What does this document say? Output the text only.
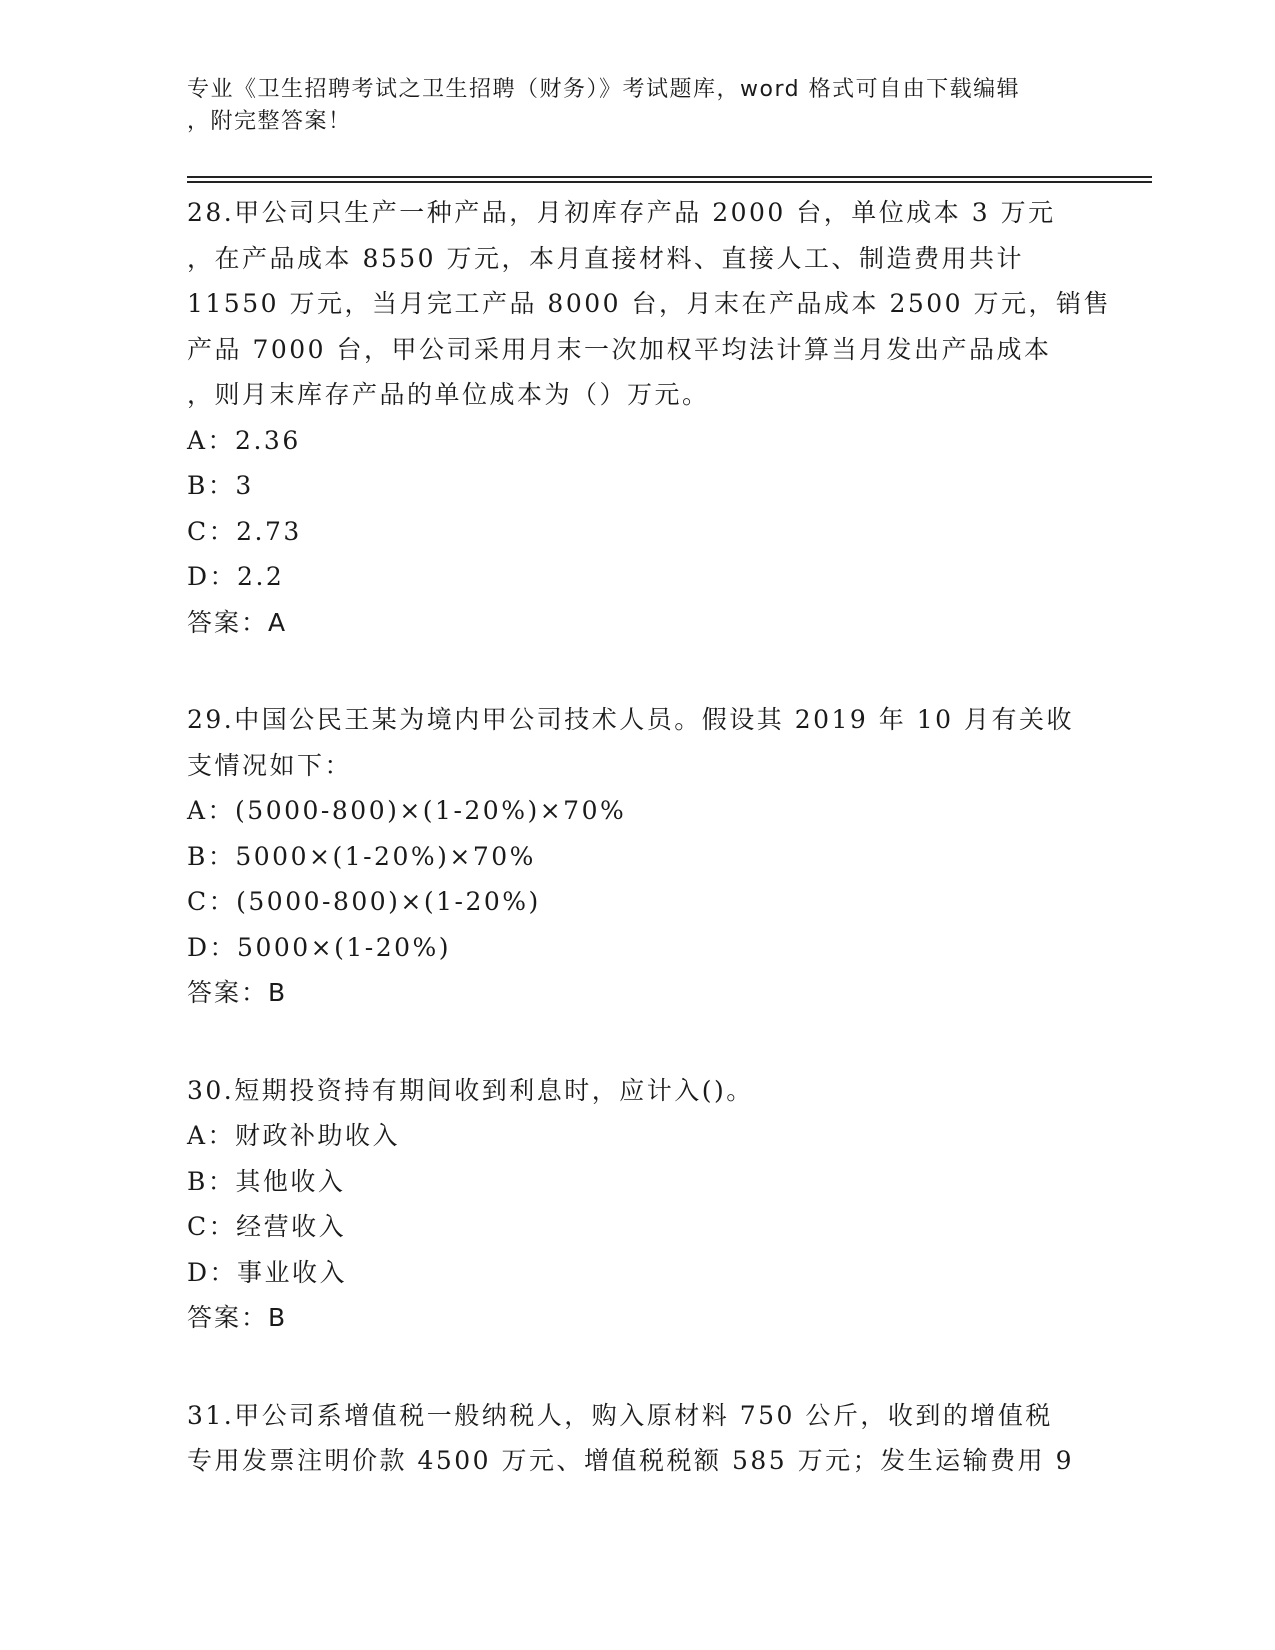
专业《卫生招聘考试之卫生招聘（财务）》考试题库，word 格式可自由下载编辑
，附完整答案！
28.甲公司只生产一种产品，月初库存产品 2000 台，单位成本 3 万元
，在产品成本 8550 万元，本月直接材料、直接人工、制造费用共计
11550 万元，当月完工产品 8000 台，月末在产品成本 2500 万元，销售
产品 7000 台，甲公司采用月末一次加权平均法计算当月发出产品成本
，则月末库存产品的单位成本为（）万元。
A：2.36
B：3
C：2.73
D：2.2
答案：A
29.中国公民王某为境内甲公司技术人员。假设其 2019 年 10 月有关收
支情况如下：
A：(5000-800)×(1-20%)×70%
B：5000×(1-20%)×70%
C：(5000-800)×(1-20%)
D：5000×(1-20%)
答案：B
30.短期投资持有期间收到利息时，应计入()。
A：财政补助收入
B：其他收入
C：经营收入
D：事业收入
答案：B
31.甲公司系增值税一般纳税人，购入原材料 750 公斤，收到的增值税
专用发票注明价款 4500 万元、增值税税额 585 万元；发生运输费用 9
